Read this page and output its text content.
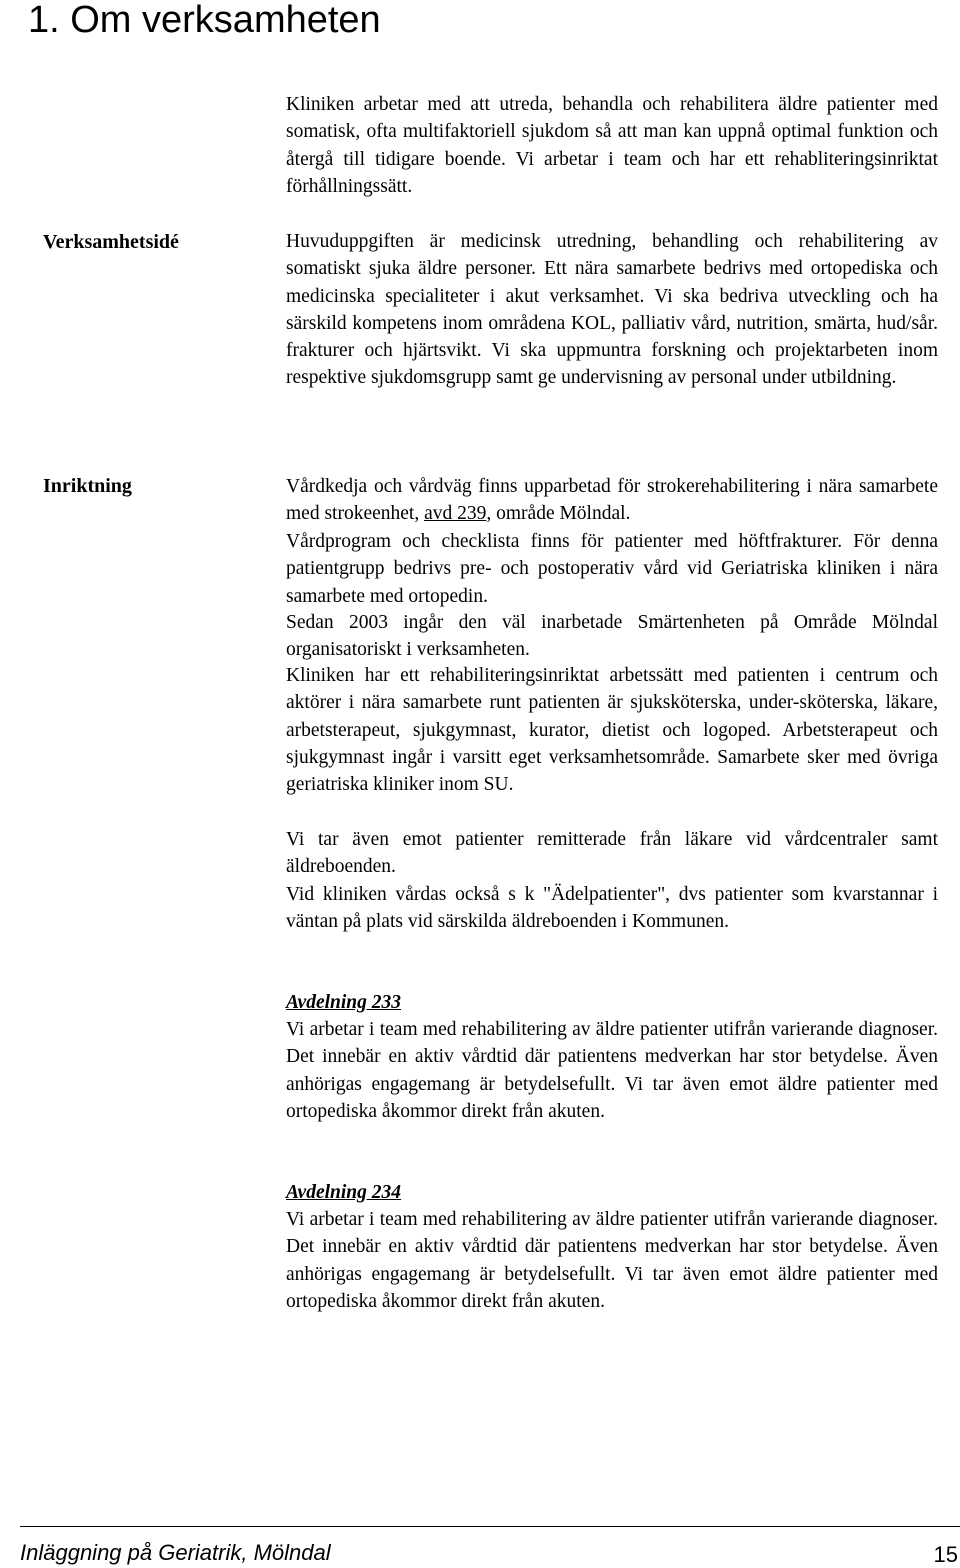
1. Om verksamheten

Kliniken arbetar med att utreda, behandla och rehabilitera äldre patienter med somatisk, ofta multifaktoriell sjukdom så att man kan uppnå optimal funktion och återgå till tidigare boende. Vi arbetar i team och har ett rehabliteringsinriktat förhållningssätt.

Verksamhetsidé	Huvuduppgiften är medicinsk utredning, behandling och rehabilitering av somatiskt sjuka äldre personer. Ett nära samarbete bedrivs med ortopediska och medicinska specialiteter i akut verksamhet. Vi ska bedriva utveckling och ha särskild kompetens inom områdena KOL, palliativ vård, nutrition, smärta, hud/sår. frakturer och hjärtsvikt. Vi ska uppmuntra forskning och projektarbeten inom respektive sjukdomsgrupp samt ge undervisning av personal under utbildning.

Inriktning	Vårdkedja och vårdväg finns upparbetad för strokerehabilitering i nära samarbete med strokeenhet, avd 239, område Mölndal.

Vårdprogram och checklista finns för patienter med höftfrakturer. För denna patientgrupp bedrivs pre- och postoperativ vård vid Geriatriska kliniken i nära samarbete med ortopedin.

Sedan 2003 ingår den väl inarbetade Smärtenheten på Område Mölndal organisatoriskt i verksamheten.

Kliniken har ett rehabiliteringsinriktat arbetssätt med patienten i centrum och aktörer i nära samarbete runt patienten är sjuksköterska, under-sköterska, läkare, arbetsterapeut, sjukgymnast, kurator, dietist och logoped. Arbetsterapeut och sjukgymnast ingår i varsitt eget verksamhetsområde. Samarbete sker med övriga geriatriska kliniker inom SU.

Vi tar även emot patienter remitterade från läkare vid vårdcentraler samt äldreboenden.

Vid kliniken vårdas också s k "Ädelpatienter", dvs patienter som kvarstannar i väntan på plats vid särskilda äldreboenden i Kommunen.

Avdelning 233

Vi arbetar i team med rehabilitering av äldre patienter utifrån varierande diagnoser. Det innebär en aktiv vårdtid där patientens medverkan har stor betydelse. Även anhörigas engagemang är betydelsefullt. Vi tar även emot äldre patienter med ortopediska åkommor direkt från akuten.

Avdelning 234

Vi arbetar i team med rehabilitering av äldre patienter utifrån varierande diagnoser. Det innebär en aktiv vårdtid där patientens medverkan har stor betydelse. Även anhörigas engagemang är betydelsefullt. Vi tar även emot äldre patienter med ortopediska åkommor direkt från akuten.

Inläggning på Geriatrik, Mölndal	15
